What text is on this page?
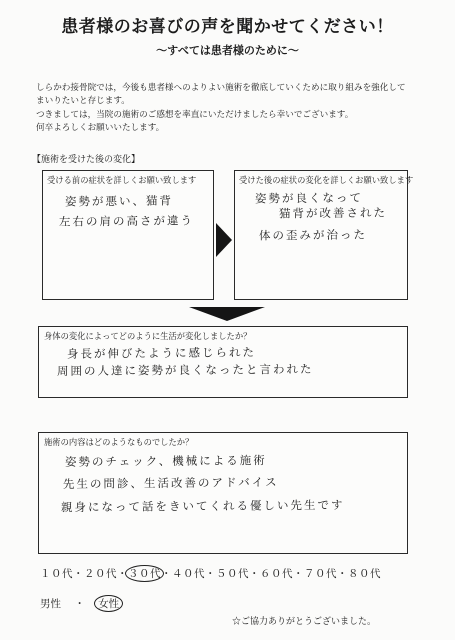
患者様のお喜びの声を聞かせてください！
～すべては患者様のために～

しらかわ接骨院では，今後も患者様へのよりよい施術を徹底していくために取り組みを強化して

まいりたいと存じます。

つきましては，当院の施術のご感想を率直にいただけましたら幸いでございます。

何卒よろしくお願いいたします。

【施術を受けた後の変化】
受ける前の症状を詳しくお願い致します
姿勢が悪い、猫背
左右の肩の高さが違う
受けた後の症状の変化を詳しくお願い致します
姿勢が良くなって
猫背が改善された
体の歪みが治った
身体の変化によってどのように生活が変化しましたか？
身長が伸びたように感じられた
周囲の人達に姿勢が良くなったと言われた
施術の内容はどのようなものでしたか？
姿勢のチェック、機械による施術
先生の問診、生活改善のアドバイス
親身になって話をきいてくれる優しい先生です
１０代・２０代・３０代・４０代・５０代・６０代・７０代・８０代
男性 ・ 女性
☆ご協力ありがとうございました。
